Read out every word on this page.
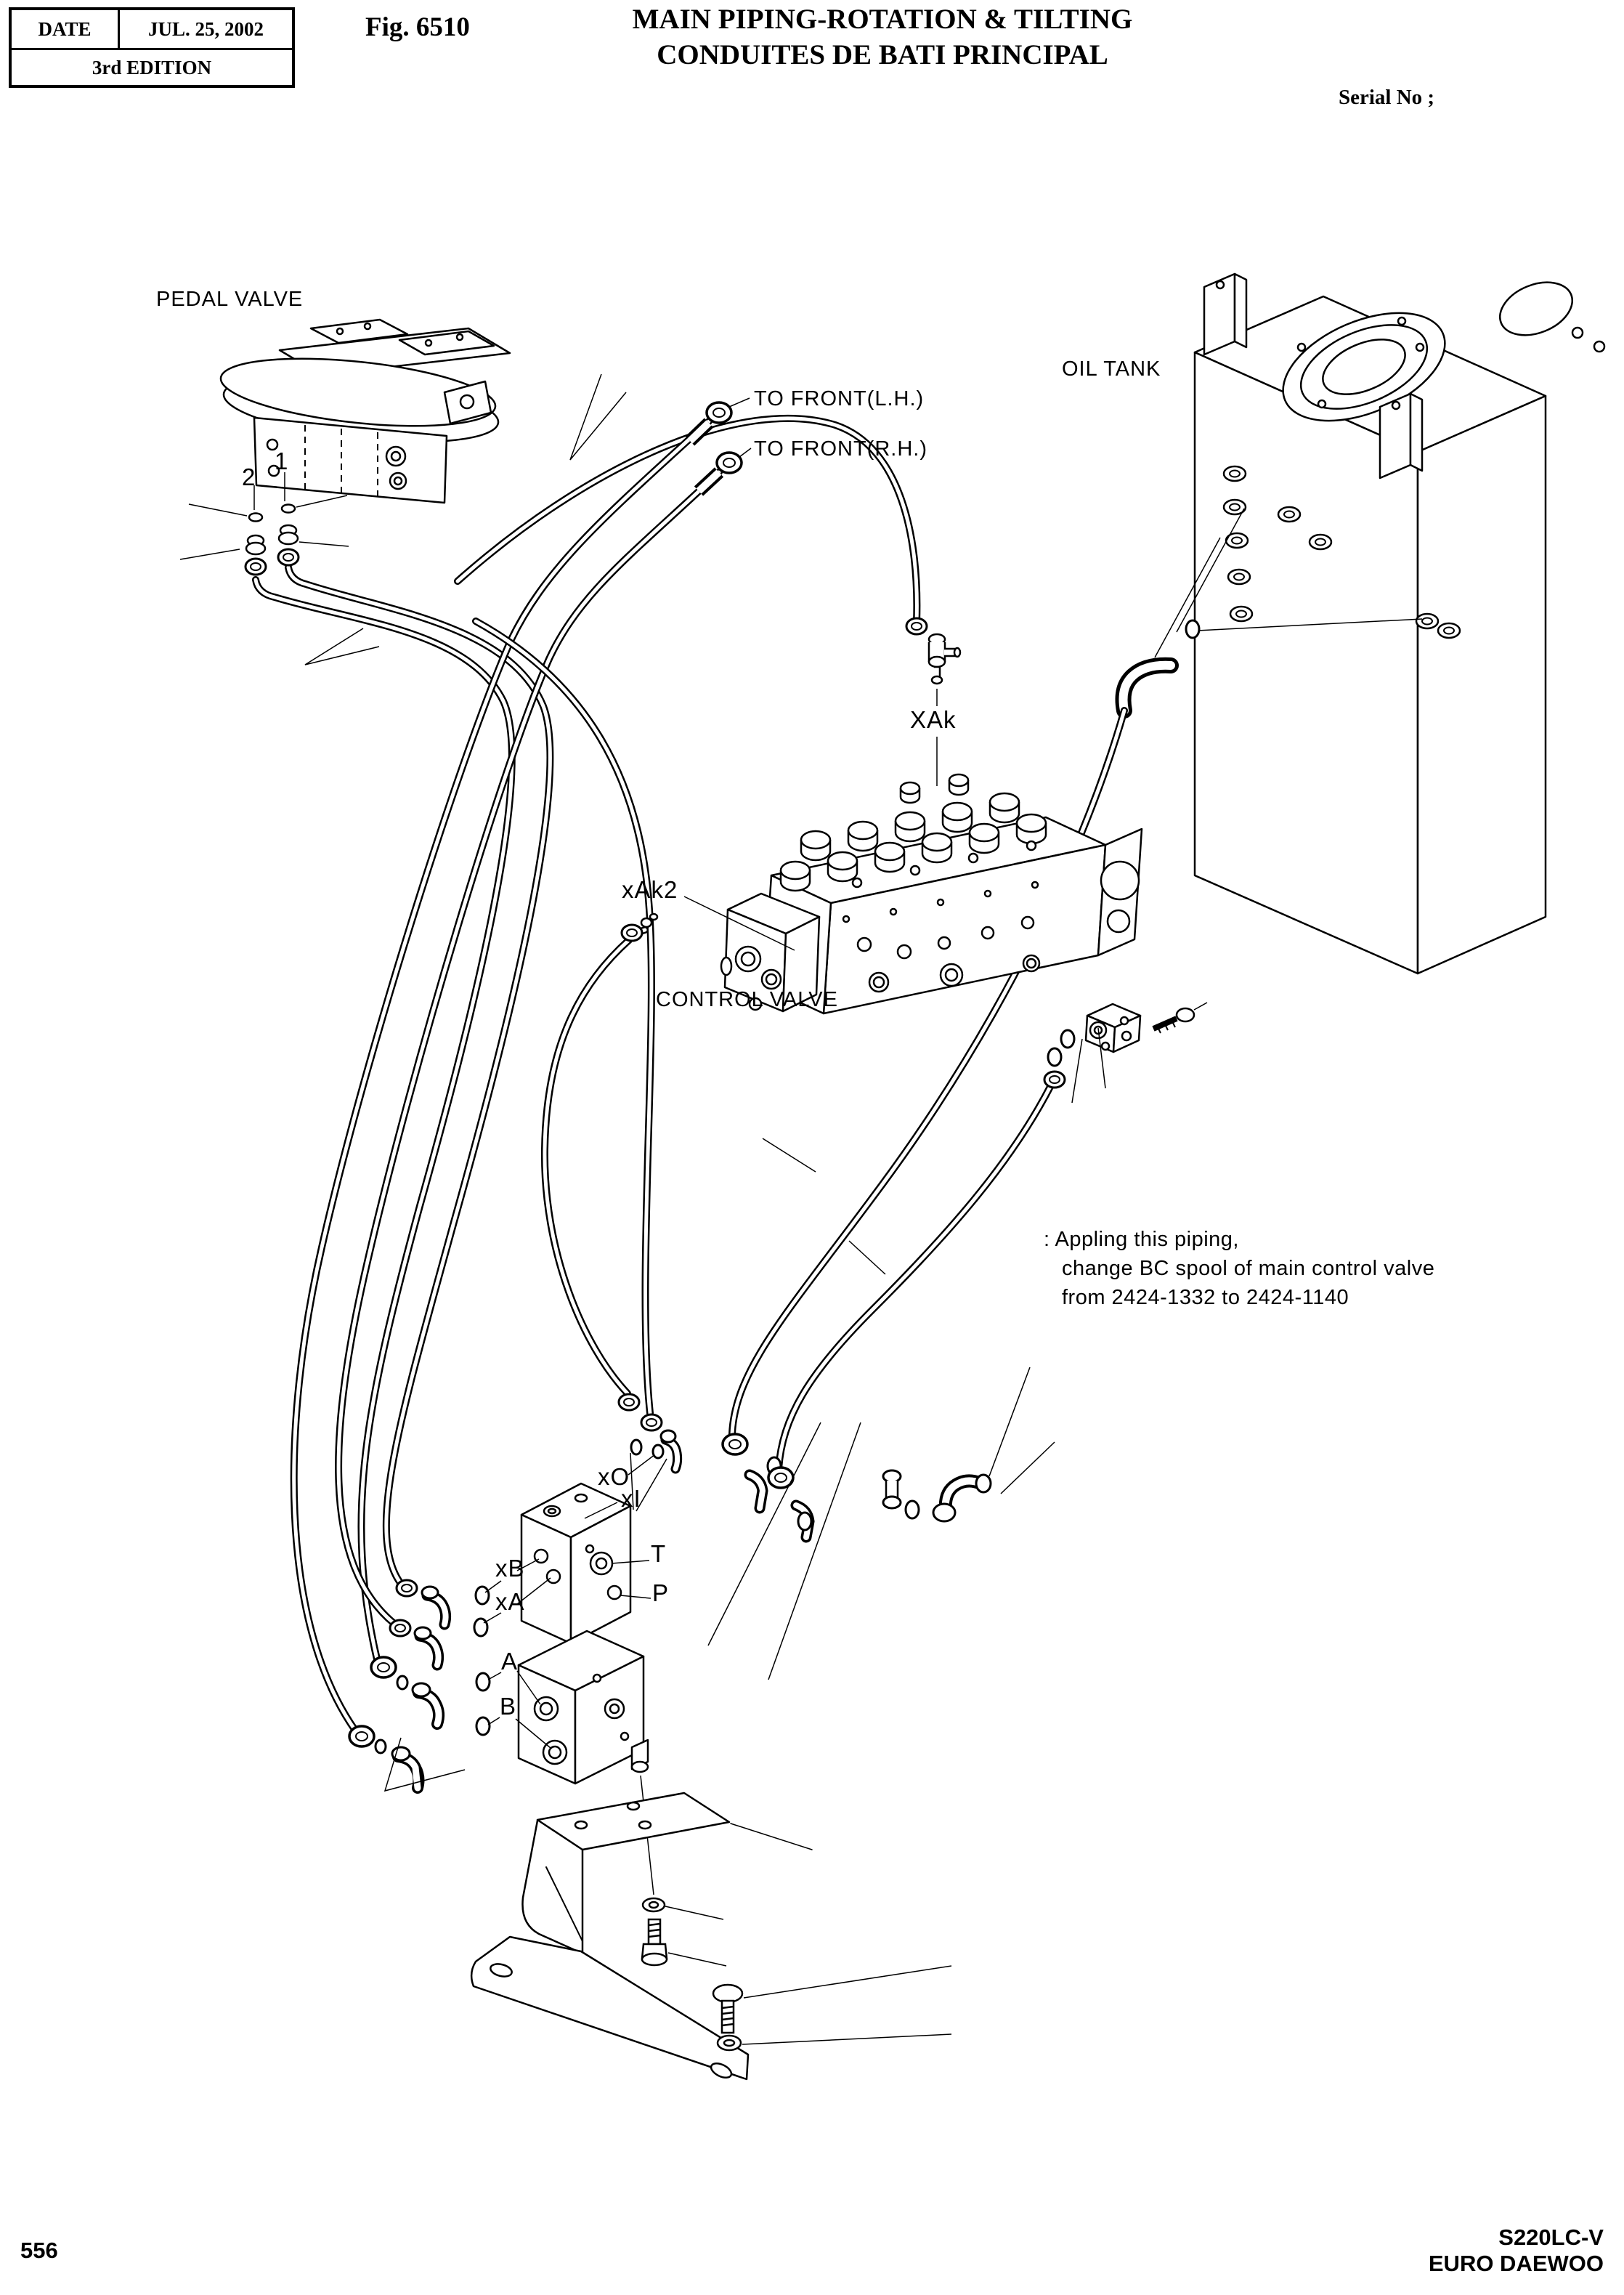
DATE	JUL. 25, 2002
3rd EDITION
Fig. 6510	MAIN PIPING-ROTATION & TILTING
CONDUITES DE BATI PRINCIPAL
Serial No ;
PEDAL VALVE
OIL TANK
TO FRONT(L.H.)
TO FRONT(R.H.)
XAk
xAk2
CONTROL VALVE
xO
xI
xB
xA
T
P
A
B
1
2
: Appling this piping,
change BC spool of main control valve
from 2424-1332 to 2424-1140
556
S220LC-V
EURO DAEWOO
